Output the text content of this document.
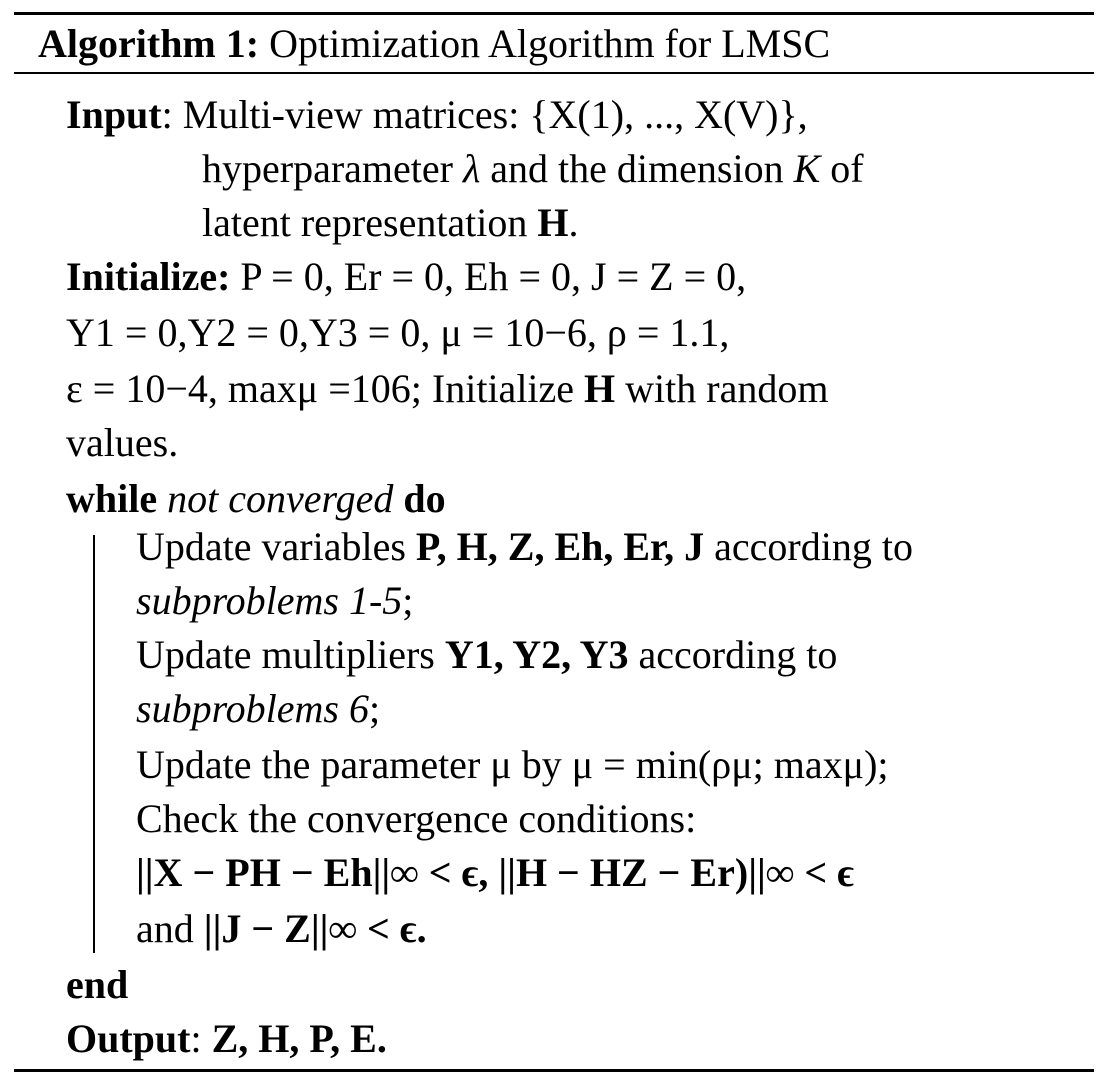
Algorithm 1: Optimization Algorithm for LMSC
Input: Multi-view matrices: {X(1), ..., X(V)},
hyperparameter λ and the dimension K of
latent representation H.
Initialize: P = 0, Er = 0, Eh = 0, J = Z = 0,
Y1 = 0,Y2 = 0,Y3 = 0, μ = 10−6, ρ = 1.1,
ε = 10−4, maxμ =106; Initialize H with random
values.
while not converged do
Update variables P, H, Z, Eh, Er, J according to
subproblems 1-5;
Update multipliers Y1, Y2, Y3 according to
subproblems 6;
Update the parameter μ by μ = min(ρμ; maxμ);
Check the convergence conditions:
||X − PH − Eh||∞ < ϵ, ||H − HZ − Er)||∞ < ϵ
and ||J − Z||∞ < ϵ.
end
Output: Z, H, P, E.
